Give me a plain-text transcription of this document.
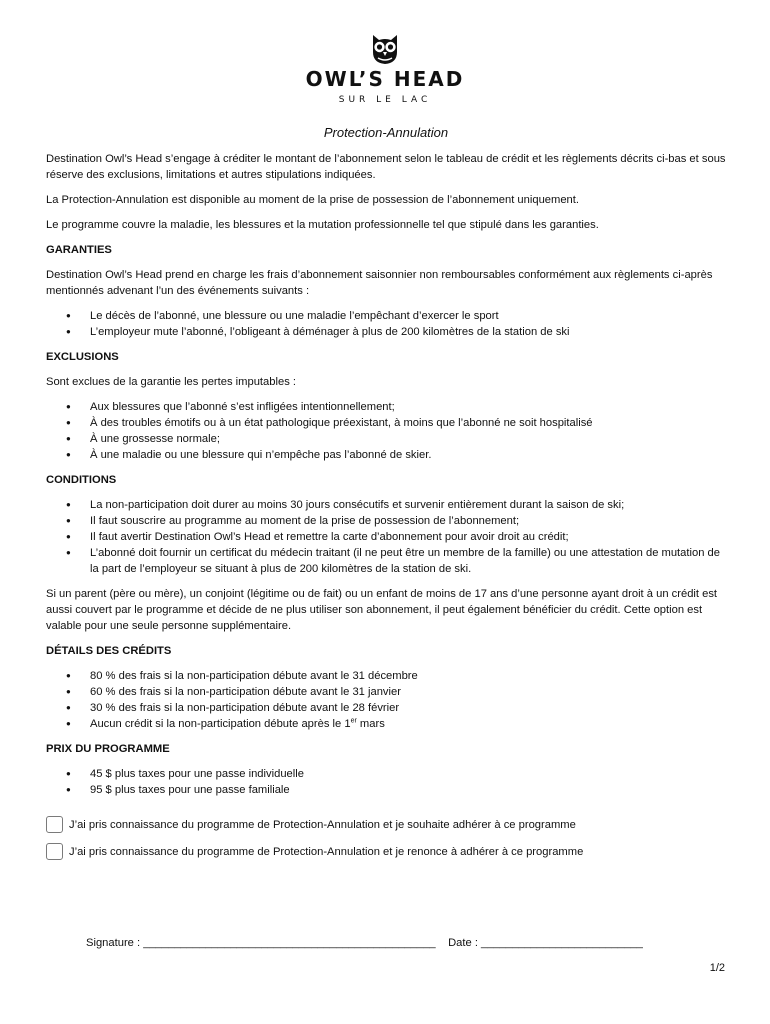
OWL’S HEAD
SUR LE LAC
Protection-Annulation

Destination Owl’s Head s’engage à créditer le montant de l’abonnement selon le tableau de crédit et les règlements décrits ci-bas et sous réserve des exclusions, limitations et autres stipulations indiquées.

La Protection-Annulation est disponible au moment de la prise de possession de l’abonnement uniquement.

Le programme couvre la maladie, les blessures et la mutation professionnelle tel que stipulé dans les garanties.

GARANTIES

Destination Owl’s Head prend en charge les frais d’abonnement saisonnier non remboursables conformément aux règlements ci-après mentionnés advenant l’un des événements suivants :

● Le décès de l’abonné, une blessure ou une maladie l’empêchant d’exercer le sport
● L’employeur mute l’abonné, l’obligeant à déménager à plus de 200 kilomètres de la station de ski
EXCLUSIONS

Sont exclues de la garantie les pertes imputables :

● Aux blessures que l’abonné s’est infligées intentionnellement;
● À des troubles émotifs ou à un état pathologique préexistant, à moins que l’abonné ne soit hospitalisé
● À une grossesse normale;
● À une maladie ou une blessure qui n’empêche pas l’abonné de skier.
CONDITIONS
● La non-participation doit durer au moins 30 jours consécutifs et survenir entièrement durant la saison de ski;
● Il faut souscrire au programme au moment de la prise de possession de l’abonnement;
● Il faut avertir Destination Owl’s Head et remettre la carte d’abonnement pour avoir droit au crédit;
● L’abonné doit fournir un certificat du médecin traitant (il ne peut être un membre de la famille) ou une attestation de mutation de la part de l’employeur se situant à plus de 200 kilomètres de la station de ski.

Si un parent (père ou mère), un conjoint (légitime ou de fait) ou un enfant de moins de 17 ans d’une personne ayant droit à un crédit est aussi couvert par le programme et décide de ne plus utiliser son abonnement, il peut également bénéficier du crédit. Cette option est valable pour une seule personne supplémentaire.

DÉTAILS DES CRÉDITS
● 80 % des frais si la non-participation débute avant le 31 décembre
● 60 % des frais si la non-participation débute avant le 31 janvier
● 30 % des frais si la non-participation débute avant le 28 février
● Aucun crédit si la non-participation débute après le 1er mars
PRIX DU PROGRAMME
● 45 $ plus taxes pour une passe individuelle
● 95 $ plus taxes pour une passe familiale
J’ai pris connaissance du programme de Protection-Annulation et je souhaite adhérer à ce programme
J’ai pris connaissance du programme de Protection-Annulation et je renonce à adhérer à ce programme
Signature : _______________________________________________    Date : __________________________
1/2
